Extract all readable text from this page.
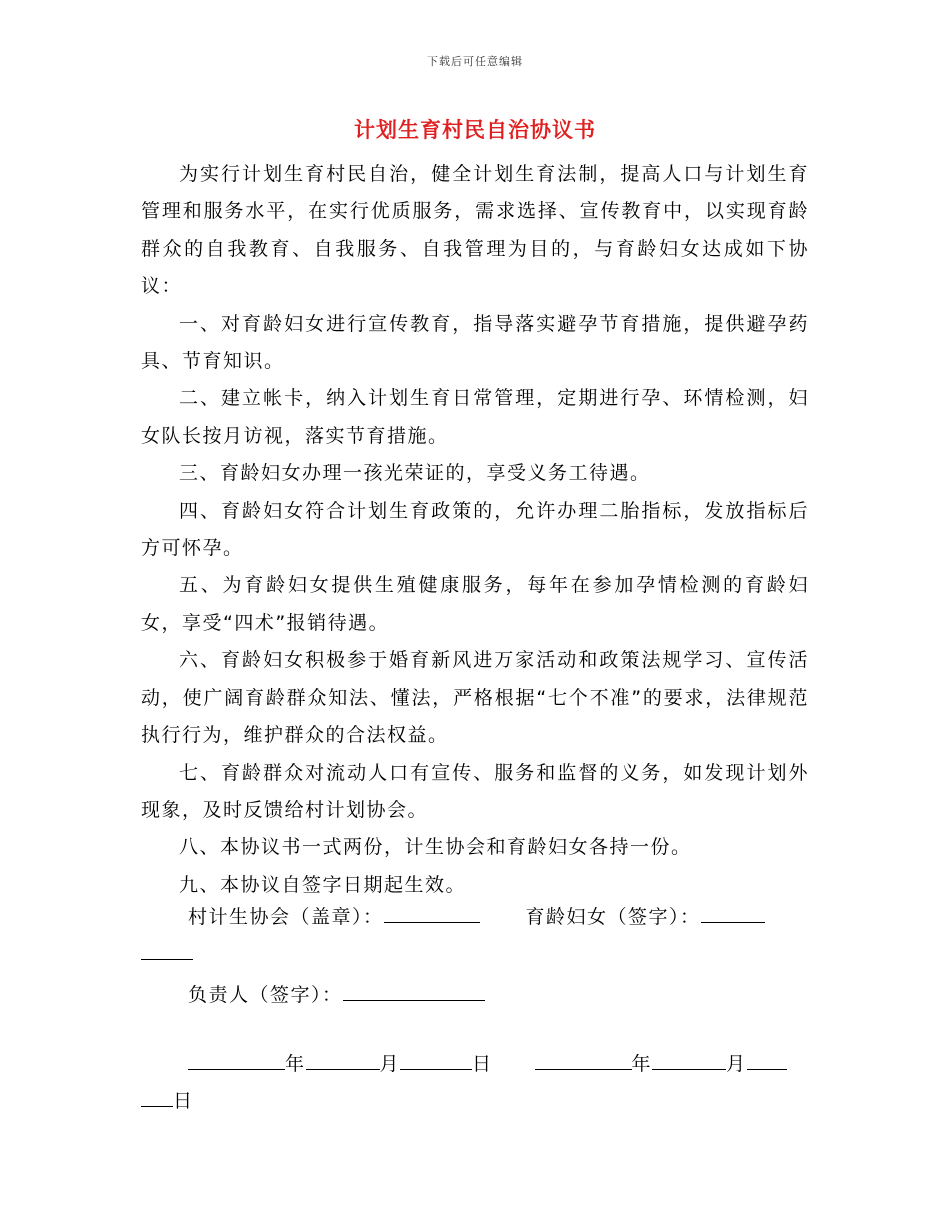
下载后可任意编辑
计划生育村民自治协议书

为实行计划生育村民自治，健全计划生育法制，提高人口与计划生育管理和服务水平，在实行优质服务，需求选择、宣传教育中，以实现育龄群众的自我教育、自我服务、自我管理为目的，与育龄妇女达成如下协议：

一、对育龄妇女进行宣传教育，指导落实避孕节育措施，提供避孕药具、节育知识。

二、建立帐卡，纳入计划生育日常管理，定期进行孕、环情检测，妇女队长按月访视，落实节育措施。

三、育龄妇女办理一孩光荣证的，享受义务工待遇。

四、育龄妇女符合计划生育政策的，允许办理二胎指标，发放指标后方可怀孕。

五、为育龄妇女提供生殖健康服务，每年在参加孕情检测的育龄妇女，享受“四术”报销待遇。

六、育龄妇女积极参于婚育新风进万家活动和政策法规学习、宣传活动，使广阔育龄群众知法、懂法，严格根据“七个不准”的要求，法律规范执行行为，维护群众的合法权益。

七、育龄群众对流动人口有宣传、服务和监督的义务，如发现计划外现象，及时反馈给村计划协会。

八、本协议书一式两份，计生协会和育龄妇女各持一份。

九、本协议自签字日期起生效。

村计生协会（盖章）：	育龄妇女（签字）：
负责人（签字）：
年	月	日	年	月
日
